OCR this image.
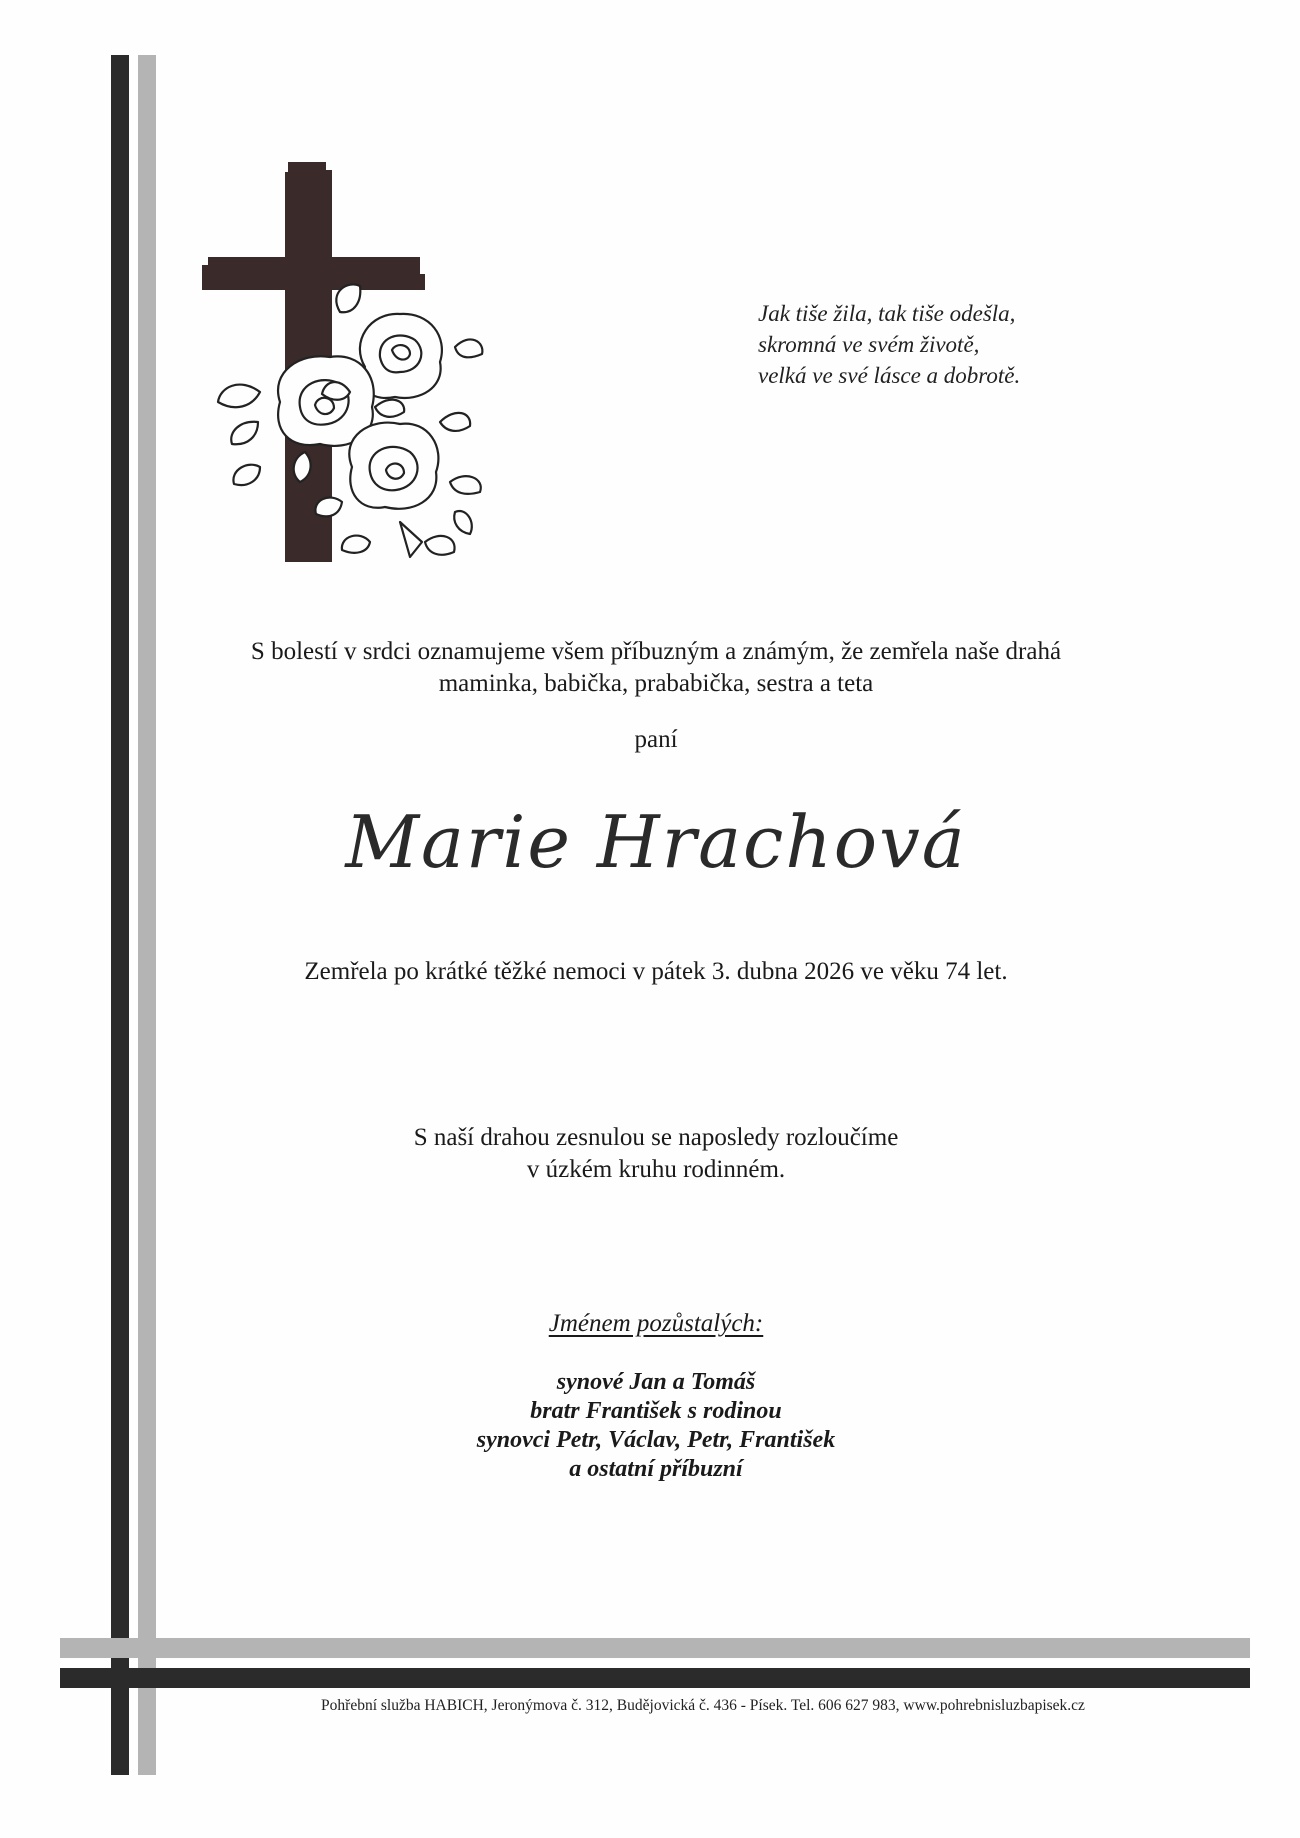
Jak tiše žila, tak tiše odešla,
skromná ve svém životě,
velká ve své lásce a dobrotě.
S bolestí v srdci oznamujeme všem příbuzným a známým, že zemřela naše drahá
maminka, babička, prababička, sestra a teta
paní
Marie Hrachová
Zemřela po krátké těžké nemoci v pátek 3. dubna 2026 ve věku 74 let.
S naší drahou zesnulou se naposledy rozloučíme
v úzkém kruhu rodinném.
Jménem pozůstalých:
synové Jan a Tomáš
bratr František s rodinou
synovci Petr, Václav, Petr, František
a ostatní příbuzní
Pohřební služba HABICH, Jeronýmova č. 312, Budějovická č. 436 - Písek. Tel. 606 627 983, www.pohrebnisluzbapisek.cz
